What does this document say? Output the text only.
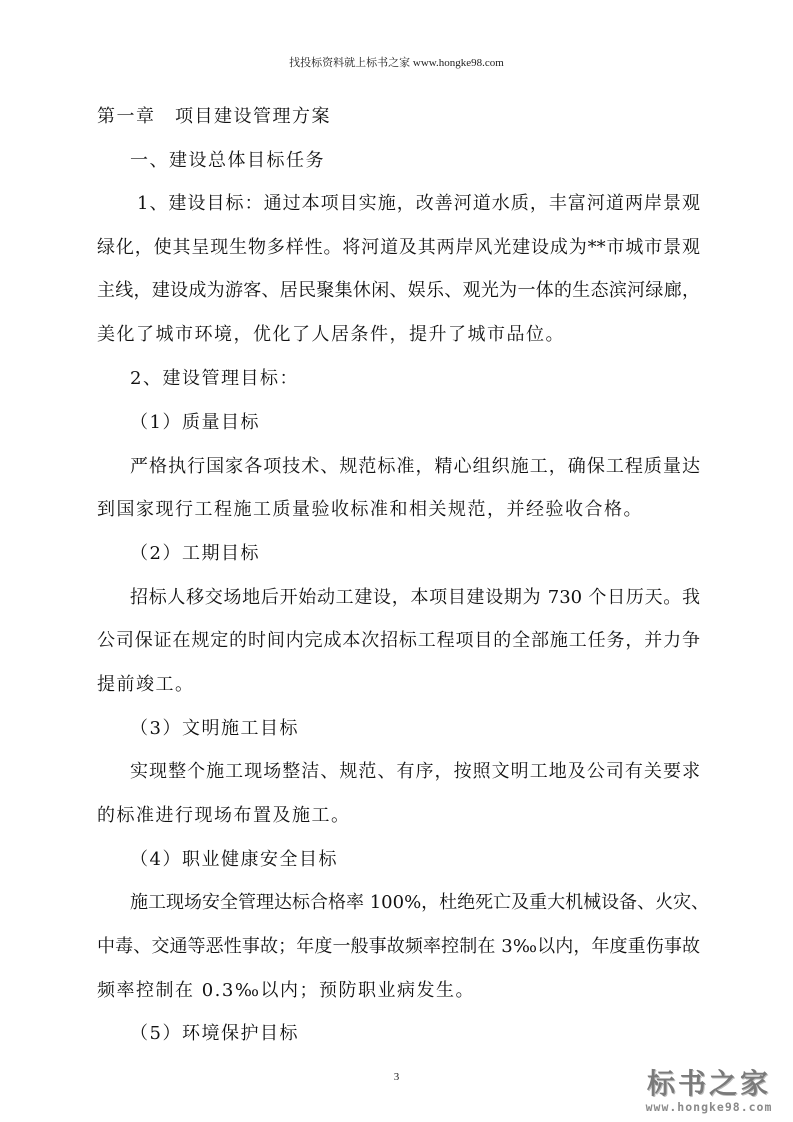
找投标资料就上标书之家 www.hongke98.com
第一章　项目建设管理方案
一、建设总体目标任务
1、建设目标：通过本项目实施，改善河道水质，丰富河道两岸景观
绿化，使其呈现生物多样性。将河道及其两岸风光建设成为**市城市景观
主线，建设成为游客、居民聚集休闲、娱乐、观光为一体的生态滨河绿廊，
美化了城市环境，优化了人居条件，提升了城市品位。
2、建设管理目标：
（1）质量目标
严格执行国家各项技术、规范标准，精心组织施工，确保工程质量达
到国家现行工程施工质量验收标准和相关规范，并经验收合格。
（2）工期目标
招标人移交场地后开始动工建设，本项目建设期为 730 个日历天。我
公司保证在规定的时间内完成本次招标工程项目的全部施工任务，并力争
提前竣工。
（3）文明施工目标
实现整个施工现场整洁、规范、有序，按照文明工地及公司有关要求
的标准进行现场布置及施工。
（4）职业健康安全目标
施工现场安全管理达标合格率 100%，杜绝死亡及重大机械设备、火灾、
中毒、交通等恶性事故；年度一般事故频率控制在 3‰以内，年度重伤事故
频率控制在 0.3‰以内；预防职业病发生。
（5）环境保护目标
3	标书之家
www.hongke98.com
